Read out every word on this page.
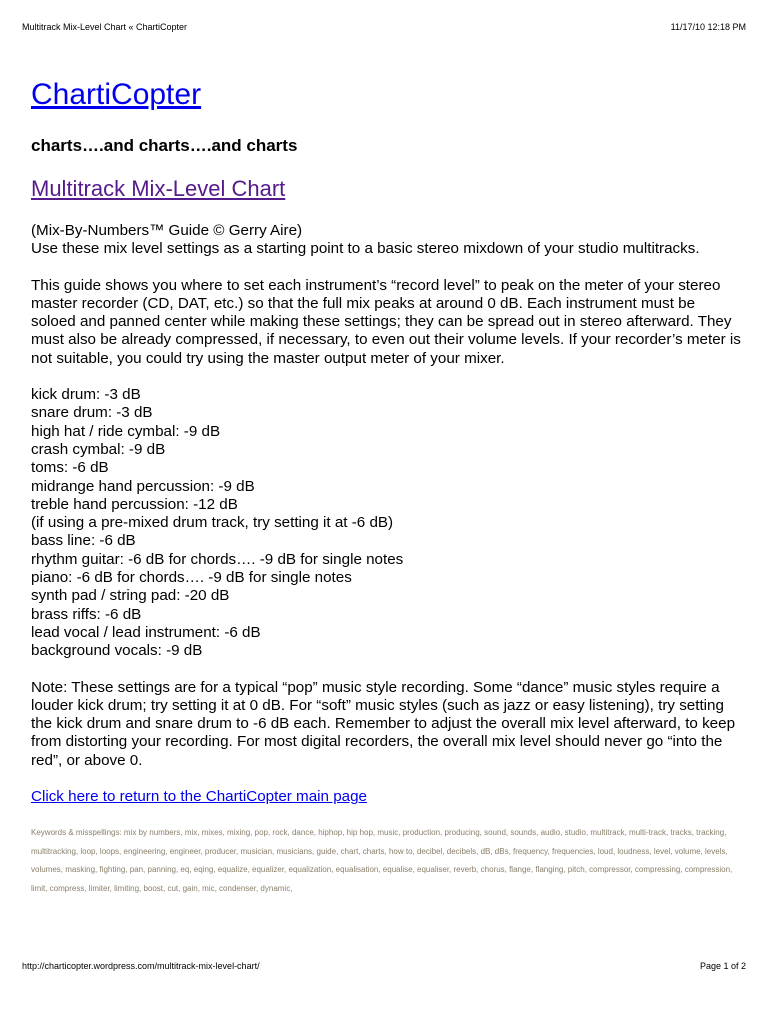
Multitrack Mix-Level Chart « ChartiCopter	11/17/10 12:18 PM
ChartiCopter
charts….and charts….and charts
Multitrack Mix-Level Chart

(Mix-By-Numbers™ Guide © Gerry Aire)

Use these mix level settings as a starting point to a basic stereo mixdown of your studio multitracks.

This guide shows you where to set each instrument’s “record level” to peak on the meter of your stereo master recorder (CD, DAT, etc.) so that the full mix peaks at around 0 dB. Each instrument must be soloed and panned center while making these settings; they can be spread out in stereo afterward. They must also be already compressed, if necessary, to even out their volume levels. If your recorder’s meter is not suitable, you could try using the master output meter of your mixer.

kick drum: -3 dB
snare drum: -3 dB
high hat / ride cymbal: -9 dB
crash cymbal: -9 dB
toms: -6 dB
midrange hand percussion: -9 dB
treble hand percussion: -12 dB
(if using a pre-mixed drum track, try setting it at -6 dB)
bass line: -6 dB
rhythm guitar: -6 dB for chords…. -9 dB for single notes
piano: -6 dB for chords…. -9 dB for single notes
synth pad / string pad: -20 dB
brass riffs: -6 dB
lead vocal / lead instrument: -6 dB
background vocals: -9 dB

Note: These settings are for a typical “pop” music style recording. Some “dance” music styles require a louder kick drum; try setting it at 0 dB. For “soft” music styles (such as jazz or easy listening), try setting the kick drum and snare drum to -6 dB each. Remember to adjust the overall mix level afterward, to keep from distorting your recording. For most digital recorders, the overall mix level should never go “into the red”, or above 0.

Click here to return to the ChartiCopter main page
Keywords & misspellings: mix by numbers, mix, mixes, mixing, pop, rock, dance, hiphop, hip hop, music, production, producing, sound, sounds, audio, studio, multitrack, multi-track, tracks, tracking, multitracking, loop, loops, engineering, engineer, producer, musician, musicians, guide, chart, charts, how to, decibel, decibels, dB, dBs, frequency, frequencies, loud, loudness, level, volume, levels, volumes, masking, fighting, pan, panning, eq, eqing, equalize, equalizer, equalization, equalisation, equalise, equaliser, reverb, chorus, flange, flanging, pitch, compressor, compressing, compression, limit, compress, limiter, limiting, boost, cut, gain, mic, condenser, dynamic,
http://charticopter.wordpress.com/multitrack-mix-level-chart/	Page 1 of 2
